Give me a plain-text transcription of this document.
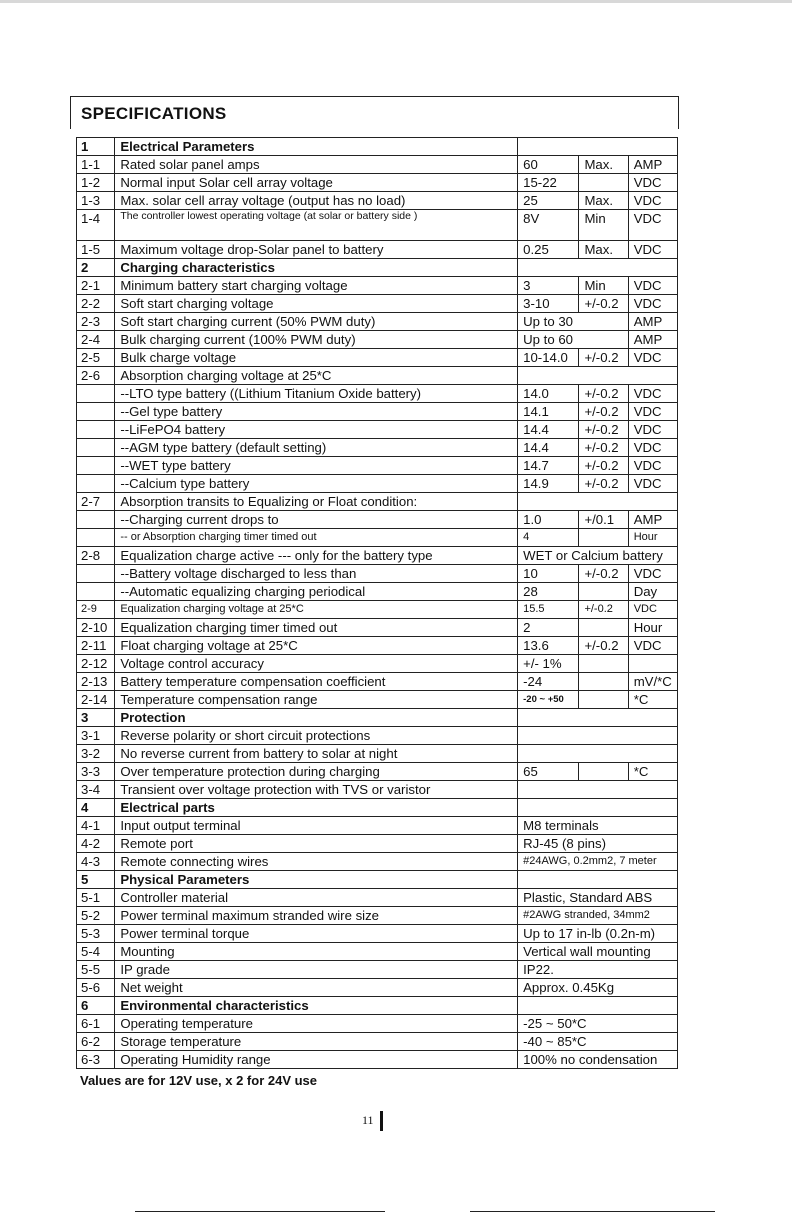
SPECIFICATIONS
1	Electrical Parameters			
1-1	Rated solar panel amps	60	Max.	AMP
1-2	Normal input Solar cell array voltage	15-22		VDC
1-3	Max. solar cell array voltage (output has no load)	25	Max.	VDC
1-4	The controller lowest operating voltage (at solar or battery side )	8V	Min	VDC
1-5	Maximum voltage drop-Solar panel to battery	0.25	Max.	VDC
2	Charging characteristics			
2-1	Minimum battery start charging voltage	3	Min	VDC
2-2	Soft start charging voltage	3-10	+/-0.2	VDC
2-3	Soft start charging current (50% PWM duty)	Up to 30		AMP
2-4	Bulk charging current (100% PWM duty)	Up to 60		AMP
2-5	Bulk charge voltage	10-14.0	+/-0.2	VDC
2-6	Absorption charging voltage at 25*C			
	--LTO type battery ((Lithium Titanium Oxide battery)	14.0	+/-0.2	VDC
	--Gel type battery	14.1	+/-0.2	VDC
	--LiFePO4 battery	14.4	+/-0.2	VDC
	--AGM type battery (default setting)	14.4	+/-0.2	VDC
	--WET type battery	14.7	+/-0.2	VDC
	--Calcium type battery	14.9	+/-0.2	VDC
2-7	Absorption transits to Equalizing or Float condition:			
	--Charging current drops to	1.0	+/0.1	AMP
	-- or Absorption charging timer timed out	4		Hour
2-8	Equalization charge active --- only for the battery type	WET or Calcium battery		
	--Battery voltage discharged to less than	10	+/-0.2	VDC
	--Automatic equalizing charging periodical	28		Day
2-9	Equalization charging voltage at 25*C	15.5	+/-0.2	VDC
2-10	Equalization charging timer timed out	2		Hour
2-11	Float charging voltage at 25*C	13.6	+/-0.2	VDC
2-12	Voltage control accuracy	+/- 1%		
2-13	Battery temperature compensation coefficient	-24		mV/*C
2-14	Temperature compensation range	-20 ~ +50		*C
3	Protection			
3-1	Reverse polarity or short circuit protections			
3-2	No reverse current from battery to solar at night			
3-3	Over temperature protection during charging	65		*C
3-4	Transient over voltage protection with TVS or varistor			
4	Electrical parts			
4-1	Input output terminal	M8 terminals		
4-2	Remote port	RJ-45 (8 pins)		
4-3	Remote connecting wires	#24AWG, 0.2mm2, 7 meter		
5	Physical Parameters			
5-1	Controller material	Plastic, Standard ABS		
5-2	Power terminal maximum stranded wire size	#2AWG stranded, 34mm2		
5-3	Power terminal torque	Up to 17 in-lb (0.2n-m)		
5-4	Mounting	Vertical wall mounting		
5-5	IP grade	IP22.		
5-6	Net weight	Approx. 0.45Kg		
6	Environmental characteristics			
6-1	Operating temperature	-25 ~ 50*C		
6-2	Storage temperature	-40 ~ 85*C		
6-3	Operating Humidity range	100% no condensation		
Values are for 12V use, x 2 for 24V use
11
